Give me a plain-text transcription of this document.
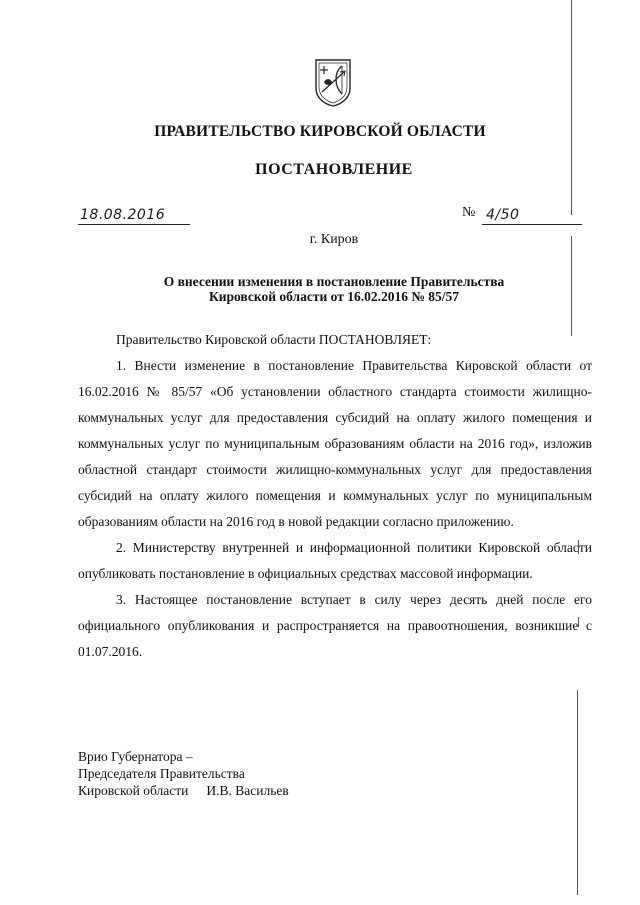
ПРАВИТЕЛЬСТВО КИРОВСКОЙ ОБЛАСТИ
ПОСТАНОВЛЕНИЕ
18.08.2016	№ 4/50
г. Киров
О внесении изменения в постановление Правительства
Кировской области от 16.02.2016 № 85/57

Правительство Кировской области ПОСТАНОВЛЯЕТ:

1. Внести изменение в постановление Правительства Кировской области от 16.02.2016 № 85/57 «Об установлении областного стандарта стоимости жилищно-коммунальных услуг для предоставления субсидий на оплату жилого помещения и коммунальных услуг по муниципальным образованиям области на 2016 год», изложив областной стандарт стоимости жилищно-коммунальных услуг для предоставления субсидий на оплату жилого помещения и коммунальных услуг по муниципальным образованиям области на 2016 год в новой редакции согласно приложению.

2. Министерству внутренней и информационной политики Кировской области опубликовать постановление в официальных средствах массовой информации.

3. Настоящее постановление вступает в силу через десять дней после его официального опубликования и распространяется на правоотношения, возникшие с 01.07.2016.

Врио Губернатора –
Председателя Правительства
Кировской области И.В. Васильев
